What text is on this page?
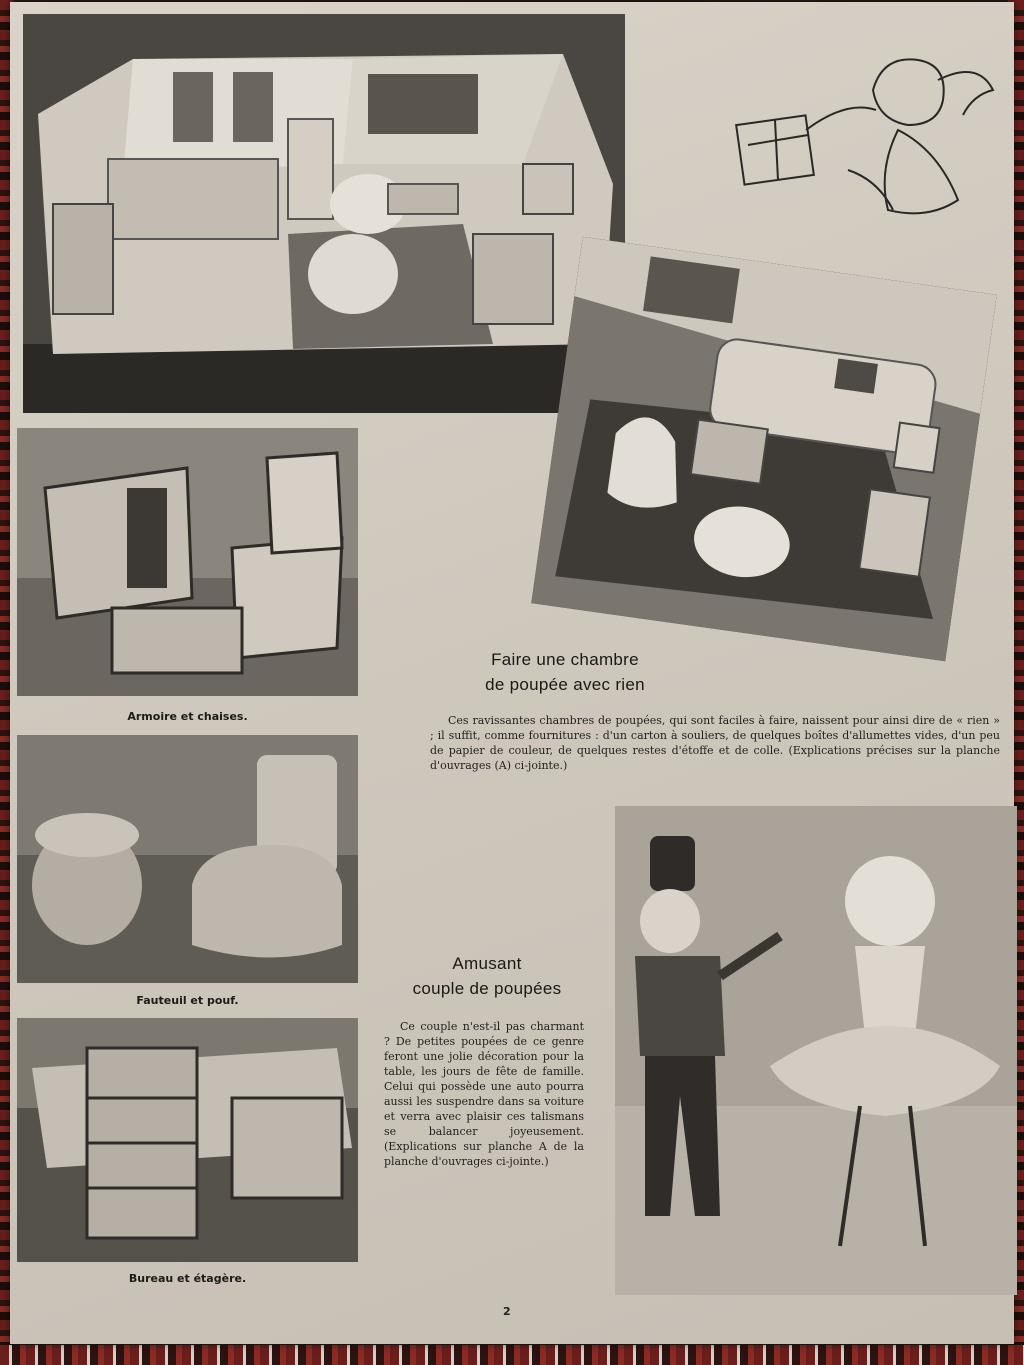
Armoire et chaises.
Fauteuil et pouf.
Bureau et étagère.
Faire une chambre
de poupée avec rien
Ces ravissantes chambres de poupées, qui sont faciles à faire, naissent pour ainsi dire de « rien » ; il suffit, comme fournitures : d'un carton à souliers, de quelques boîtes d'allumettes vides, d'un peu de papier de couleur, de quelques restes d'étoffe et de colle. (Explications précises sur la planche d'ouvrages (A) ci-jointe.)
Amusant
couple de poupées
Ce couple n'est-il pas charmant ? De petites poupées de ce genre feront une jolie décoration pour la table, les jours de fête de famille. Celui qui possède une auto pourra aussi les suspendre dans sa voiture et verra avec plaisir ces talismans se balancer joyeusement. (Explications sur planche A de la planche d'ouvrages ci-jointe.)
2
